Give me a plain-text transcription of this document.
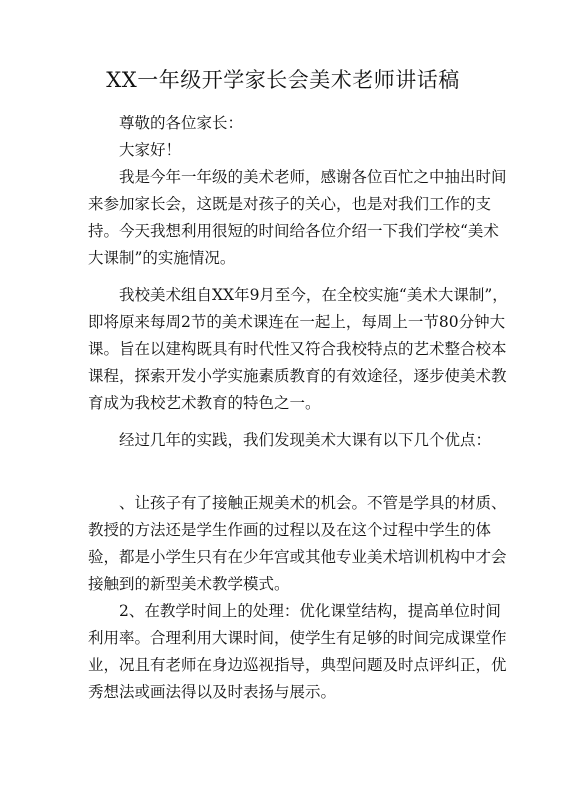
XX一年级开学家长会美术老师讲话稿

尊敬的各位家长：

大家好！

我是今年一年级的美术老师，感谢各位百忙之中抽出时间来参加家长会，这既是对孩子的关心，也是对我们工作的支持。今天我想利用很短的时间给各位介绍一下我们学校“美术大课制”的实施情况。

我校美术组自XX年9月至今，在全校实施“美术大课制”，即将原来每周2节的美术课连在一起上，每周上一节80分钟大课。旨在以建构既具有时代性又符合我校特点的艺术整合校本课程，探索开发小学实施素质教育的有效途径，逐步使美术教育成为我校艺术教育的特色之一。

经过几年的实践，我们发现美术大课有以下几个优点：

、让孩子有了接触正规美术的机会。不管是学具的材质、教授的方法还是学生作画的过程以及在这个过程中学生的体验，都是小学生只有在少年宫或其他专业美术培训机构中才会接触到的新型美术教学模式。

2、在教学时间上的处理：优化课堂结构，提高单位时间利用率。合理利用大课时间，使学生有足够的时间完成课堂作业，况且有老师在身边巡视指导，典型问题及时点评纠正，优秀想法或画法得以及时表扬与展示。
